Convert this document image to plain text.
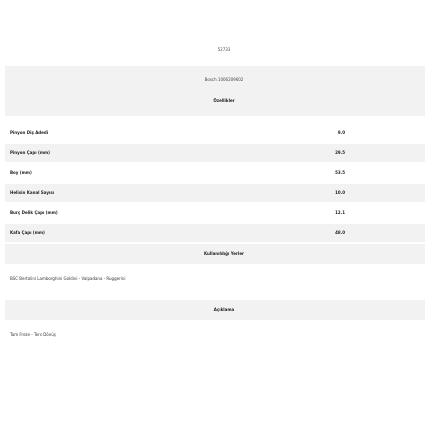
52733
Bosch 1006209602
Özellikler
Pinyon Diş Adedi	9.0
Pinyon Çapı (mm)	29.5
Boy (mm)	53.5
Helisin Kanal Sayısı	10.0
Burç Delik Çapı (mm)	12.1
Kafa Çapı (mm)	48.0
Kullanıldığı Yerler
BSC Bertolini Lamborghini Goldini - Valpadana - Ruggerini
Açıklama
Tam Freze - Ters Dönüş
